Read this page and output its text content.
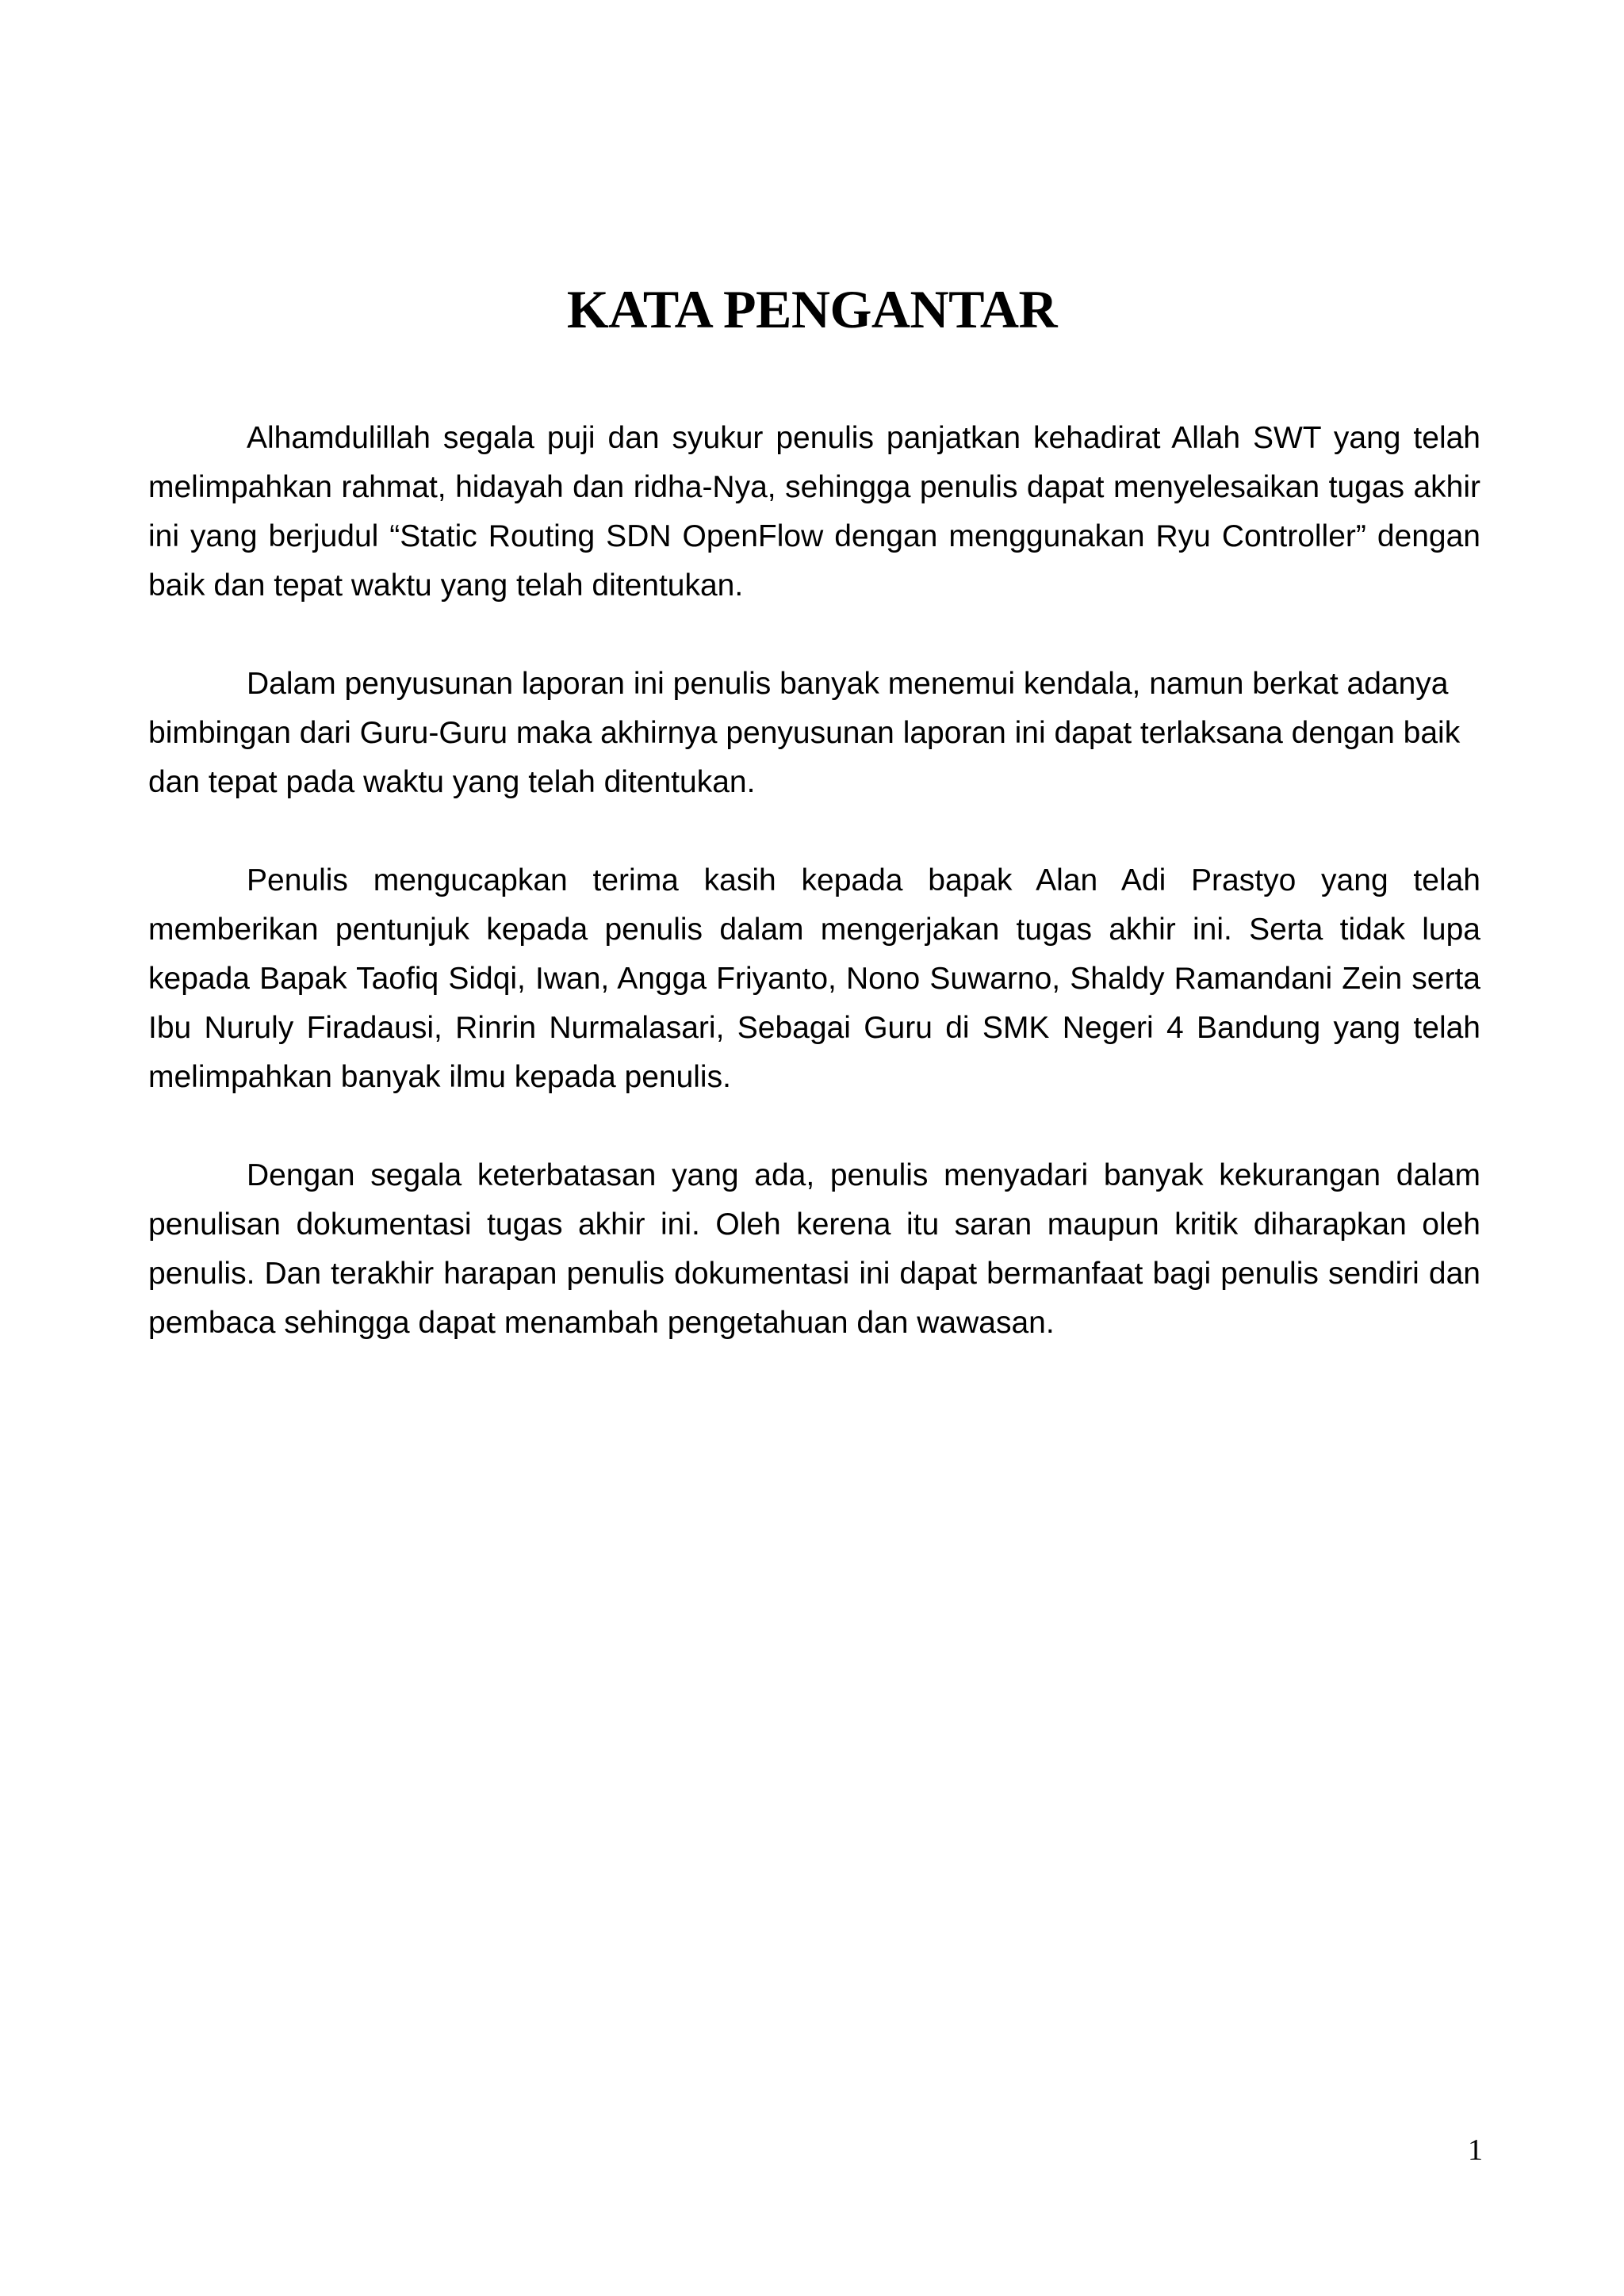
KATA PENGANTAR

Alhamdulillah segala puji dan syukur penulis panjatkan kehadirat Allah SWT yang telah melimpahkan rahmat, hidayah dan ridha-Nya, sehingga penulis dapat menyelesaikan tugas akhir ini yang berjudul “Static Routing SDN OpenFlow dengan menggunakan Ryu Controller” dengan baik dan tepat waktu yang telah ditentukan.

Dalam penyusunan laporan ini penulis banyak menemui kendala, namun berkat adanya bimbingan dari Guru-Guru maka akhirnya penyusunan laporan ini dapat terlaksana dengan baik dan tepat pada waktu yang telah ditentukan.

Penulis mengucapkan terima kasih kepada bapak Alan Adi Prastyo yang telah memberikan pentunjuk kepada penulis dalam mengerjakan tugas akhir ini. Serta tidak lupa kepada Bapak Taofiq Sidqi, Iwan, Angga Friyanto, Nono Suwarno, Shaldy Ramandani Zein serta Ibu Nuruly Firadausi, Rinrin Nurmalasari, Sebagai Guru di SMK Negeri 4 Bandung yang telah melimpahkan banyak ilmu kepada penulis.

Dengan segala keterbatasan yang ada, penulis menyadari banyak kekurangan dalam penulisan dokumentasi tugas akhir ini. Oleh kerena itu saran maupun kritik diharapkan oleh penulis. Dan terakhir harapan penulis dokumentasi ini dapat bermanfaat bagi penulis sendiri dan pembaca sehingga dapat menambah pengetahuan dan wawasan.

1
